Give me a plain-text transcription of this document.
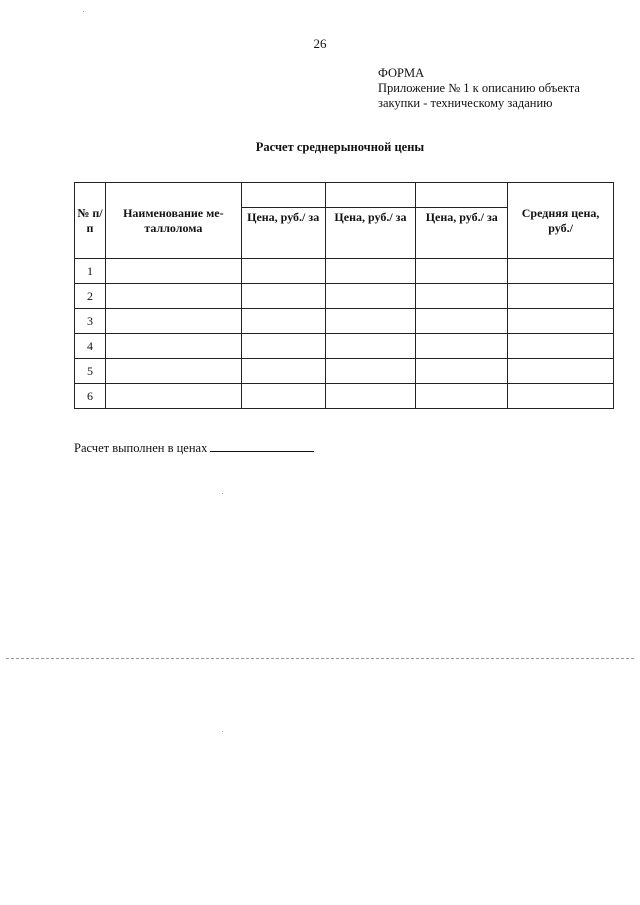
26
ФОРМА
Приложение № 1 к описанию объекта
закупки - техническому заданию
Расчет среднерыночной цены
№ п/п	Наименование ме- таллолома				Средняя цена, руб./
		Цена, руб./ за	Цена, руб./ за	Цена, руб./ за	
1					
2					
3					
4					
5					
6					
Расчет выполнен в ценах
